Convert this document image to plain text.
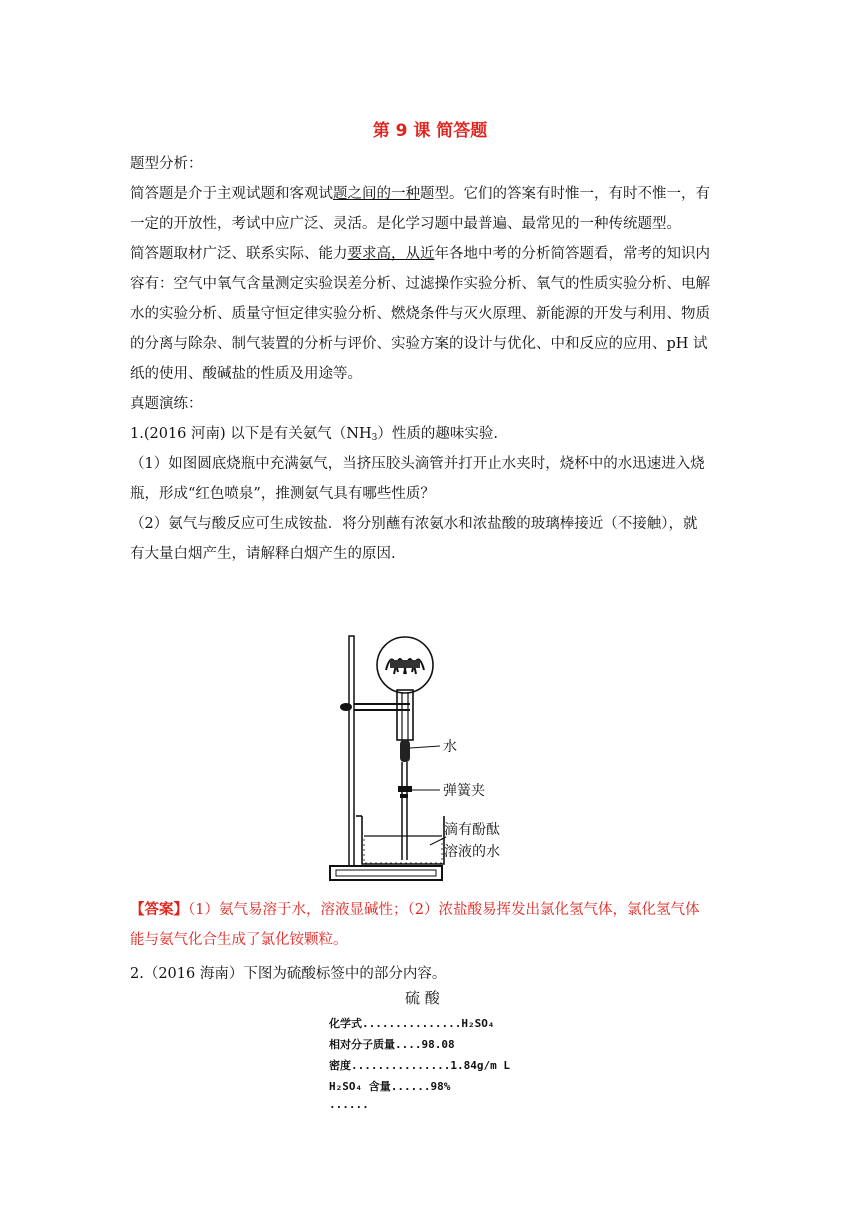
第 9 课 简答题
题型分析：
简答题是介于主观试题和客观试题之间的一种题型。它们的答案有时惟一，有时不惟一，有
一定的开放性，考试中应广泛、灵活。是化学习题中最普遍、最常见的一种传统题型。
简答题取材广泛、联系实际、能力要求高，从近年各地中考的分析简答题看，常考的知识内
容有：空气中氧气含量测定实验误差分析、过滤操作实验分析、氧气的性质实验分析、电解
水的实验分析、质量守恒定律实验分析、燃烧条件与灭火原理、新能源的开发与利用、物质
的分离与除杂、制气装置的分析与评价、实验方案的设计与优化、中和反应的应用、pH 试
纸的使用、酸碱盐的性质及用途等。
真题演练：
1.(2016 河南) 以下是有关氨气$(NH_3)$性质的趣味实验.
（1）如图圆底烧瓶中充满氨气，当挤压胶头滴管并打开止水夹时，烧杯中的水迅速进入烧
瓶，形成“红色喷泉”，推测氨气具有哪些性质？
（2）氨气与酸反应可生成铵盐．将分别蘸有浓氨水和浓盐酸的玻璃棒接近（不接触），就
有大量白烟产生，请解释白烟产生的原因.
水
弹簧夹
滴有酚酞
溶液的水
【答案】（1）氨气易溶于水，溶液显碱性；（2）浓盐酸易挥发出氯化氢气体，氯化氢气体
能与氨气化合生成了氯化铵颗粒。
2.（2016 海南）下图为硫酸标签中的部分内容。
硫 酸
化学式...............H₂SO₄
相对分子质量....98.08
密度...............1.84g/m L
H₂SO₄ 含量......98%
......
